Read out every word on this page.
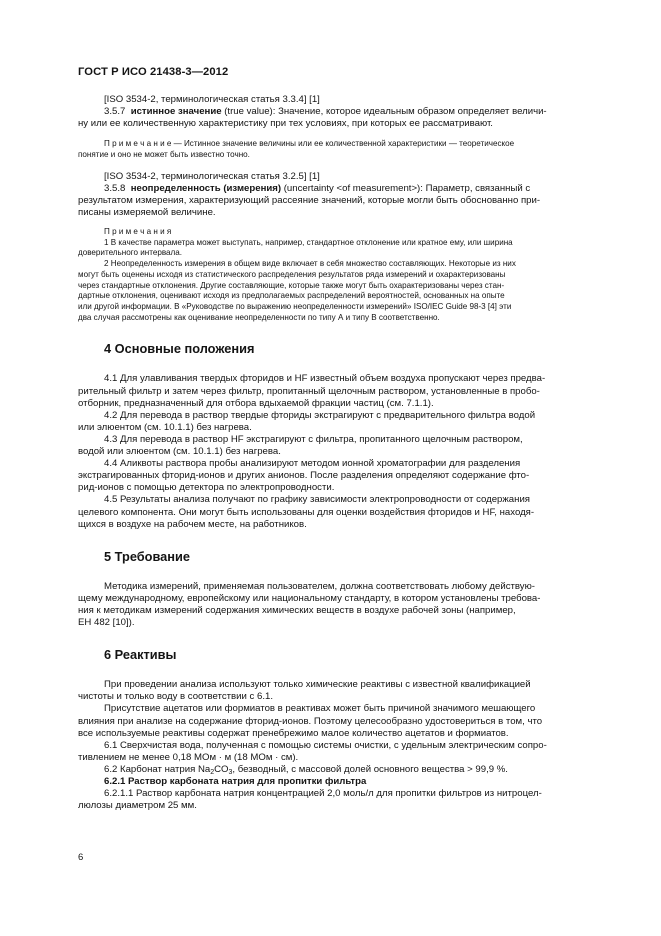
ГОСТ Р ИСО 21438-3—2012

[ISO 3534-2, терминологическая статья 3.3.4] [1]

3.5.7 истинное значение (true value): Значение, которое идеальным образом определяет величи-

ну или ее количественную характеристику при тех условиях, при которых ее рассматривают.

П р и м е ч а н и е — Истинное значение величины или ее количественной характеристики — теоретическое

понятие и оно не может быть известно точно.

[ISO 3534-2, терминологическая статья 3.2.5] [1]

3.5.8 неопределенность (измерения) (uncertainty <of measurement>): Параметр, связанный с

результатом измерения, характеризующий рассеяние значений, которые могли быть обоснованно при-

писаны измеряемой величине.

П р и м е ч а н и я

1 В качестве параметра может выступать, например, стандартное отклонение или кратное ему, или ширина

доверительного интервала.

2 Неопределенность измерения в общем виде включает в себя множество составляющих. Некоторые из них

могут быть оценены исходя из статистического распределения результатов ряда измерений и охарактеризованы

через стандартные отклонения. Другие составляющие, которые также могут быть охарактеризованы через стан-

дартные отклонения, оценивают исходя из предполагаемых распределений вероятностей, основанных на опыте

или другой информации. В «Руководстве по выражению неопределенности измерений» ISO/IEC Guide 98-3 [4] эти

два случая рассмотрены как оценивание неопределенности по типу А и типу В соответственно.

4 Основные положения

4.1 Для улавливания твердых фторидов и HF известный объем воздуха пропускают через предва-

рительный фильтр и затем через фильтр, пропитанный щелочным раствором, установленные в пробо-

отборник, предназначенный для отбора вдыхаемой фракции частиц (см. 7.1.1).

4.2 Для перевода в раствор твердые фториды экстрагируют с предварительного фильтра водой

или элюентом (см. 10.1.1) без нагрева.

4.3 Для перевода в раствор HF экстрагируют с фильтра, пропитанного щелочным раствором,

водой или элюентом (см. 10.1.1) без нагрева.

4.4 Аликвоты раствора пробы анализируют методом ионной хроматографии для разделения

экстрагированных фторид-ионов и других анионов. После разделения определяют содержание фто-

рид-ионов с помощью детектора по электропроводности.

4.5 Результаты анализа получают по графику зависимости электропроводности от содержания

целевого компонента. Они могут быть использованы для оценки воздействия фторидов и HF, находя-

щихся в воздухе на рабочем месте, на работников.

5 Требование

Методика измерений, применяемая пользователем, должна соответствовать любому действую-

щему международному, европейскому или национальному стандарту, в котором установлены требова-

ния к методикам измерений содержания химических веществ в воздухе рабочей зоны (например,

ЕН 482 [10]).

6 Реактивы

При проведении анализа используют только химические реактивы с известной квалификацией

чистоты и только воду в соответствии с 6.1.

Присутствие ацетатов или формиатов в реактивах может быть причиной значимого мешающего

влияния при анализе на содержание фторид-ионов. Поэтому целесообразно удостовериться в том, что

все используемые реактивы содержат пренебрежимо малое количество ацетатов и формиатов.

6.1 Сверхчистая вода, полученная с помощью системы очистки, с удельным электрическим сопро-

тивлением не менее 0,18 МОм · м (18 МОм · см).

6.2 Карбонат натрия $Na_2CO_3$, безводный, с массовой долей основного вещества > 99,9 %.

6.2.1 Раствор карбоната натрия для пропитки фильтра

6.2.1.1 Раствор карбоната натрия концентрацией 2,0 моль/л для пропитки фильтров из нитроцел-

люлозы диаметром 25 мм.

6
